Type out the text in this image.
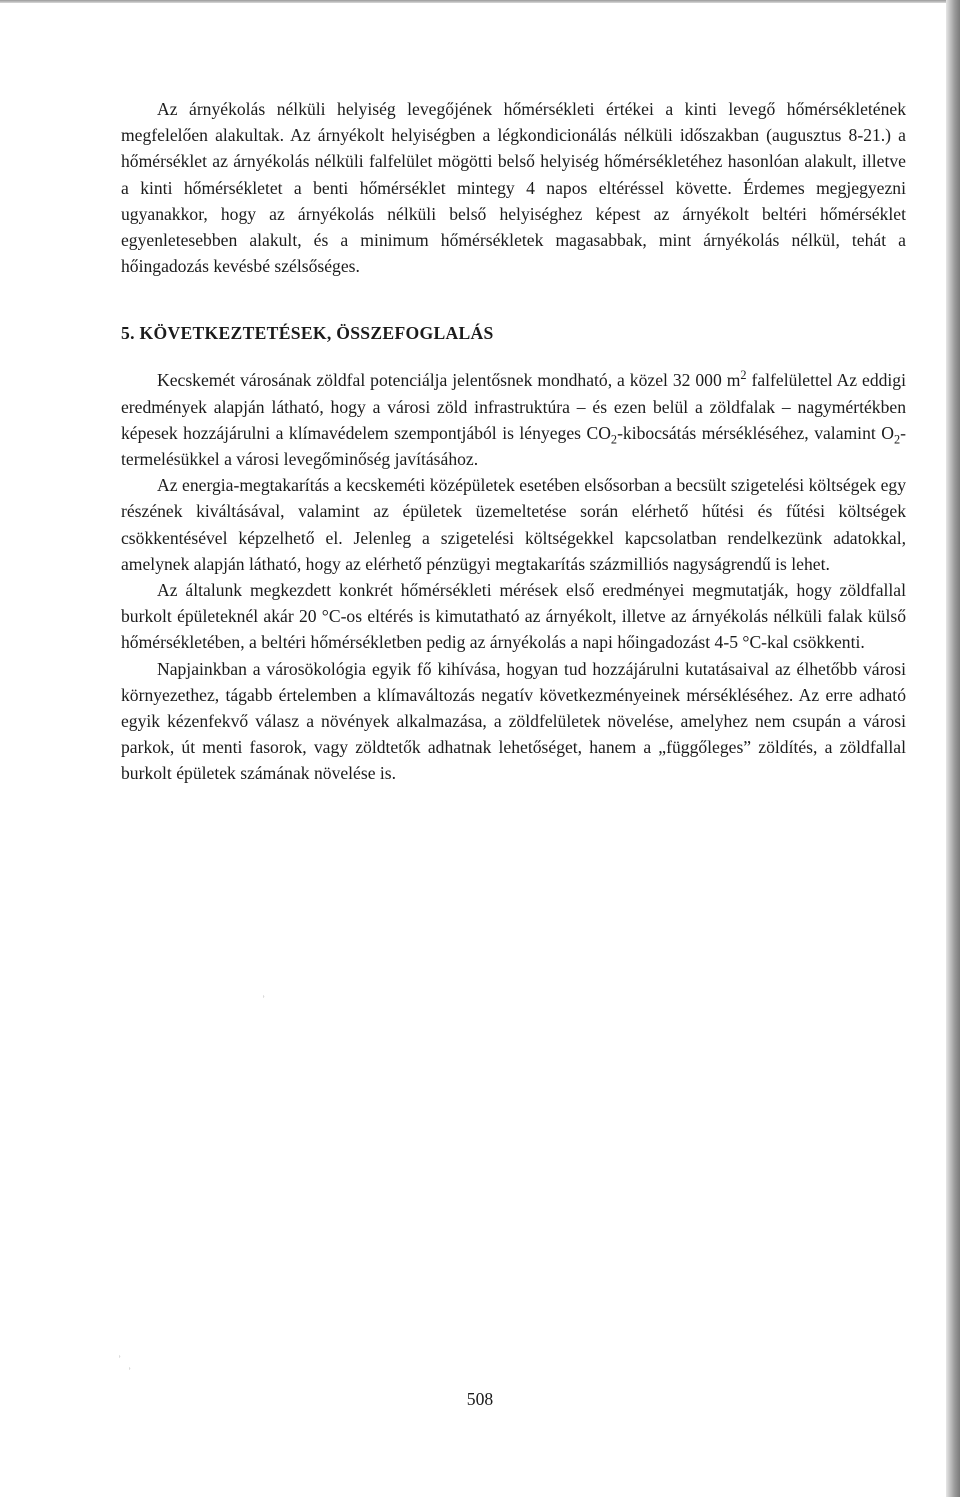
Az árnyékolás nélküli helyiség levegőjének hőmérsékleti értékei a kinti levegő hőmérsékletének megfelelően alakultak. Az árnyékolt helyiségben a légkondicionálás nélküli időszakban (augusztus 8-21.) a hőmérséklet az árnyékolás nélküli falfelület mögötti belső helyiség hőmérsékletéhez hasonlóan alakult, illetve a kinti hőmérsékletet a benti hőmérséklet mintegy 4 napos eltéréssel követte. Érdemes megjegyezni ugyanakkor, hogy az árnyékolás nélküli belső helyiséghez képest az árnyékolt beltéri hőmérséklet egyenletesebben alakult, és a minimum hőmérsékletek magasabbak, mint árnyékolás nélkül, tehát a hőingadozás kevésbé szélsőséges.

5. KÖVETKEZTETÉSEK, ÖSSZEFOGLALÁS

Kecskemét városának zöldfal potenciálja jelentősnek mondható, a közel 32 000 $m^2$ falfelülettel Az eddigi eredmények alapján látható, hogy a városi zöld infrastruktúra – és ezen belül a zöldfalak – nagymértékben képesek hozzájárulni a klímavédelem szempontjából is lényeges $CO_2$-kibocsátás mérsékléséhez, valamint $O_2$-termelésükkel a városi levegőminőség javításához.

Az energia-megtakarítás a kecskeméti középületek esetében elsősorban a becsült szigetelési költségek egy részének kiváltásával, valamint az épületek üzemeltetése során elérhető hűtési és fűtési költségek csökkentésével képzelhető el. Jelenleg a szigetelési költségekkel kapcsolatban rendelkezünk adatokkal, amelynek alapján látható, hogy az elérhető pénzügyi megtakarítás százmilliós nagyságrendű is lehet.

Az általunk megkezdett konkrét hőmérsékleti mérések első eredményei megmutatják, hogy zöldfallal burkolt épületeknél akár 20 °C-os eltérés is kimutatható az árnyékolt, illetve az árnyékolás nélküli falak külső hőmérsékletében, a beltéri hőmérsékletben pedig az árnyékolás a napi hőingadozást 4-5 °C-kal csökkenti.

Napjainkban a városökológia egyik fő kihívása, hogyan tud hozzájárulni kutatásaival az élhetőbb városi környezethez, tágabb értelemben a klímaváltozás negatív következményeinek mérsékléséhez. Az erre adható egyik kézenfekvő válasz a növények alkalmazása, a zöldfelületek növelése, amelyhez nem csupán a városi parkok, út menti fasorok, vagy zöldtetők adhatnak lehetőséget, hanem a „függőleges” zöldítés, a zöldfallal burkolt épületek számának növelése is.

ʾ
ʾ
ʾ
508
